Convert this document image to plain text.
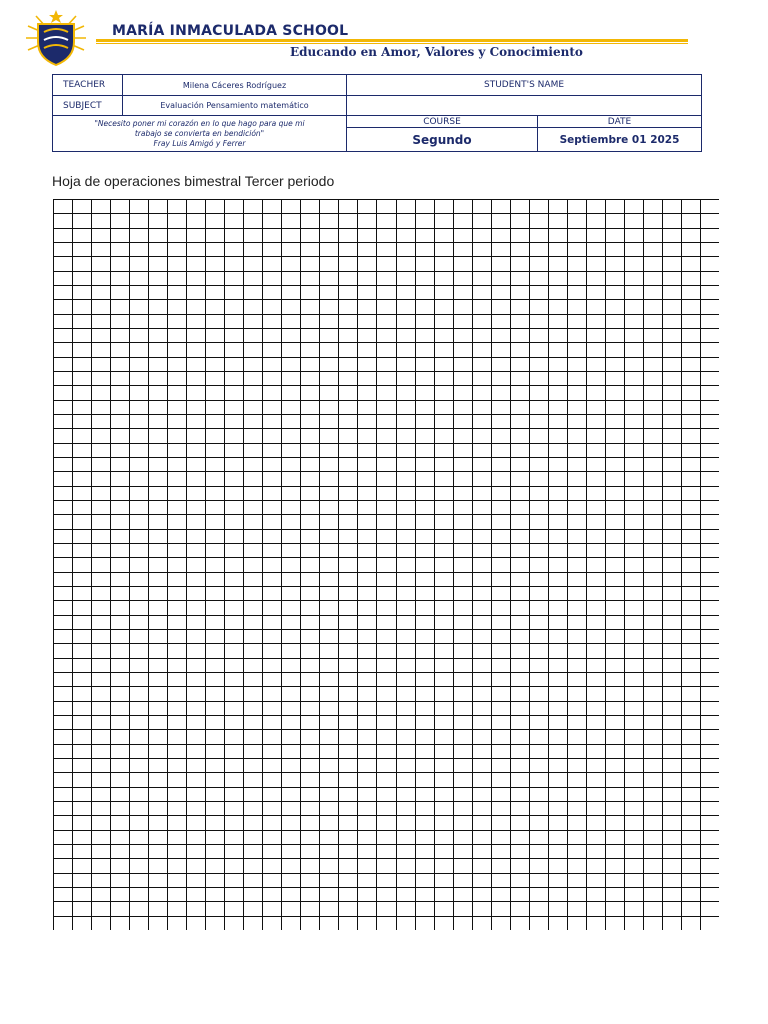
MARÍA INMACULADA SCHOOL
Educando en Amor, Valores y Conocimiento
TEACHER	Milena Cáceres Rodríguez	STUDENT'S NAME	
SUBJECT	Evaluación Pensamiento matemático		

"Necesito poner mi corazón en lo que hago para que mi
trabajo se convierta en bendición"
Fray Luis Amigó y Ferrer		COURSE	DATE
		Segundo	Septiembre 01 2025
Hoja de operaciones bimestral Tercer periodo
